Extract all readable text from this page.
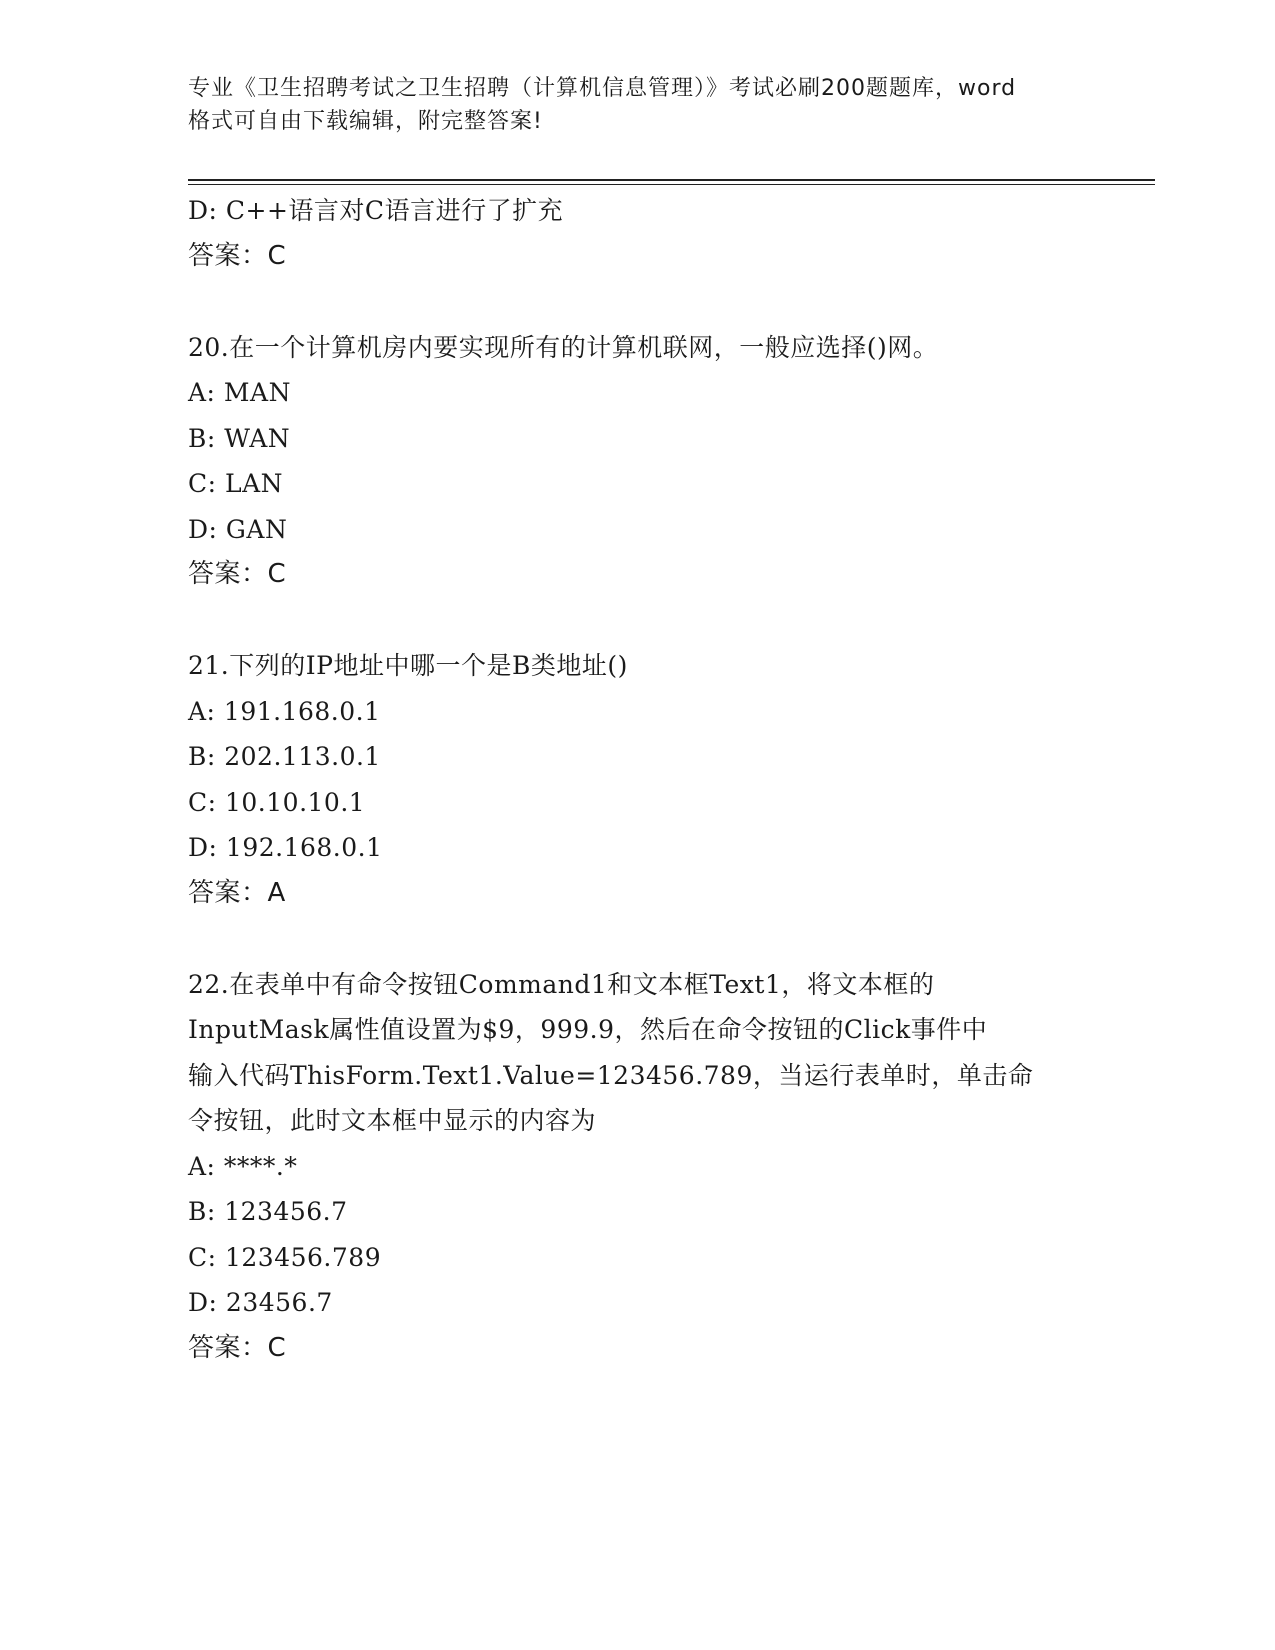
专业《卫生招聘考试之卫生招聘（计算机信息管理）》考试必刷200题题库，word
格式可自由下载编辑，附完整答案!
D: C++语言对C语言进行了扩充
答案：C
20.在一个计算机房内要实现所有的计算机联网，一般应选择()网。
A: MAN
B: WAN
C: LAN
D: GAN
答案：C
21.下列的IP地址中哪一个是B类地址()
A: 191.168.0.1
B: 202.113.0.1
C: 10.10.10.1
D: 192.168.0.1
答案：A
22.在表单中有命令按钮Command1和文本框Text1，将文本框的
InputMask属性值设置为$9，999.9，然后在命令按钮的Click事件中
输入代码ThisForm.Text1.Value=123456.789，当运行表单时，单击命
令按钮，此时文本框中显示的内容为
A: ****.*
B: 123456.7
C: 123456.789
D: 23456.7
答案：C
